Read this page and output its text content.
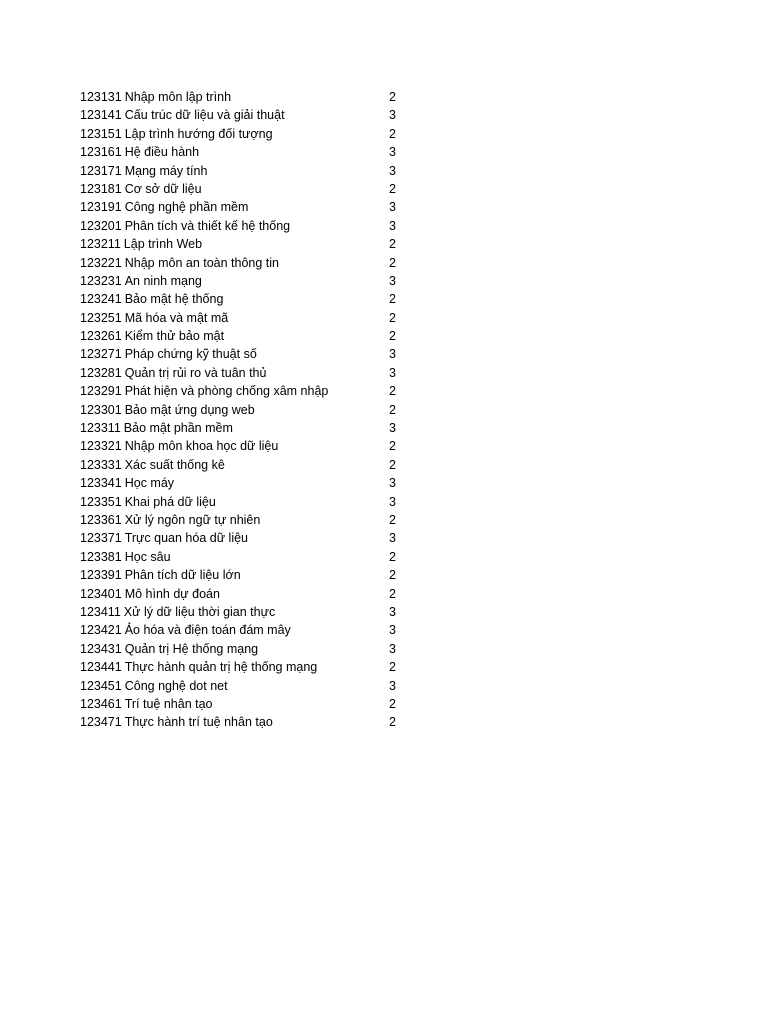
123131 Nhập môn lập trình	2
123141 Cấu trúc dữ liệu và giải thuật	3
123151 Lập trình hướng đối tượng	2
123161 Hệ điều hành	3
123171 Mạng máy tính	3
123181 Cơ sở dữ liệu	2
123191 Công nghệ phần mềm	3
123201 Phân tích và thiết kế hệ thống	3
123211 Lập trình Web	2
123221 Nhập môn an toàn thông tin	2
123231 An ninh mạng	3
123241 Bảo mật hệ thống	2
123251 Mã hóa và mật mã	2
123261 Kiểm thử bảo mật	2
123271 Pháp chứng kỹ thuật số	3
123281 Quản trị rủi ro và tuân thủ	3
123291 Phát hiện và phòng chống xâm nhập	2
123301 Bảo mật ứng dụng web	2
123311 Bảo mật phần mềm	3
123321 Nhập môn khoa học dữ liệu	2
123331 Xác suất thống kê	2
123341 Học máy	3
123351 Khai phá dữ liệu	3
123361 Xử lý ngôn ngữ tự nhiên	2
123371 Trực quan hóa dữ liệu	3
123381 Học sâu	2
123391 Phân tích dữ liệu lớn	2
123401 Mô hình dự đoán	2
123411 Xử lý dữ liệu thời gian thực	3
123421 Ảo hóa và điện toán đám mây	3
123431 Quản trị Hệ thống mạng	3
123441 Thực hành quản trị hệ thống mạng	2
123451 Công nghệ dot net	3
123461 Trí tuệ nhân tạo	2
123471 Thực hành trí tuệ nhân tạo	2
